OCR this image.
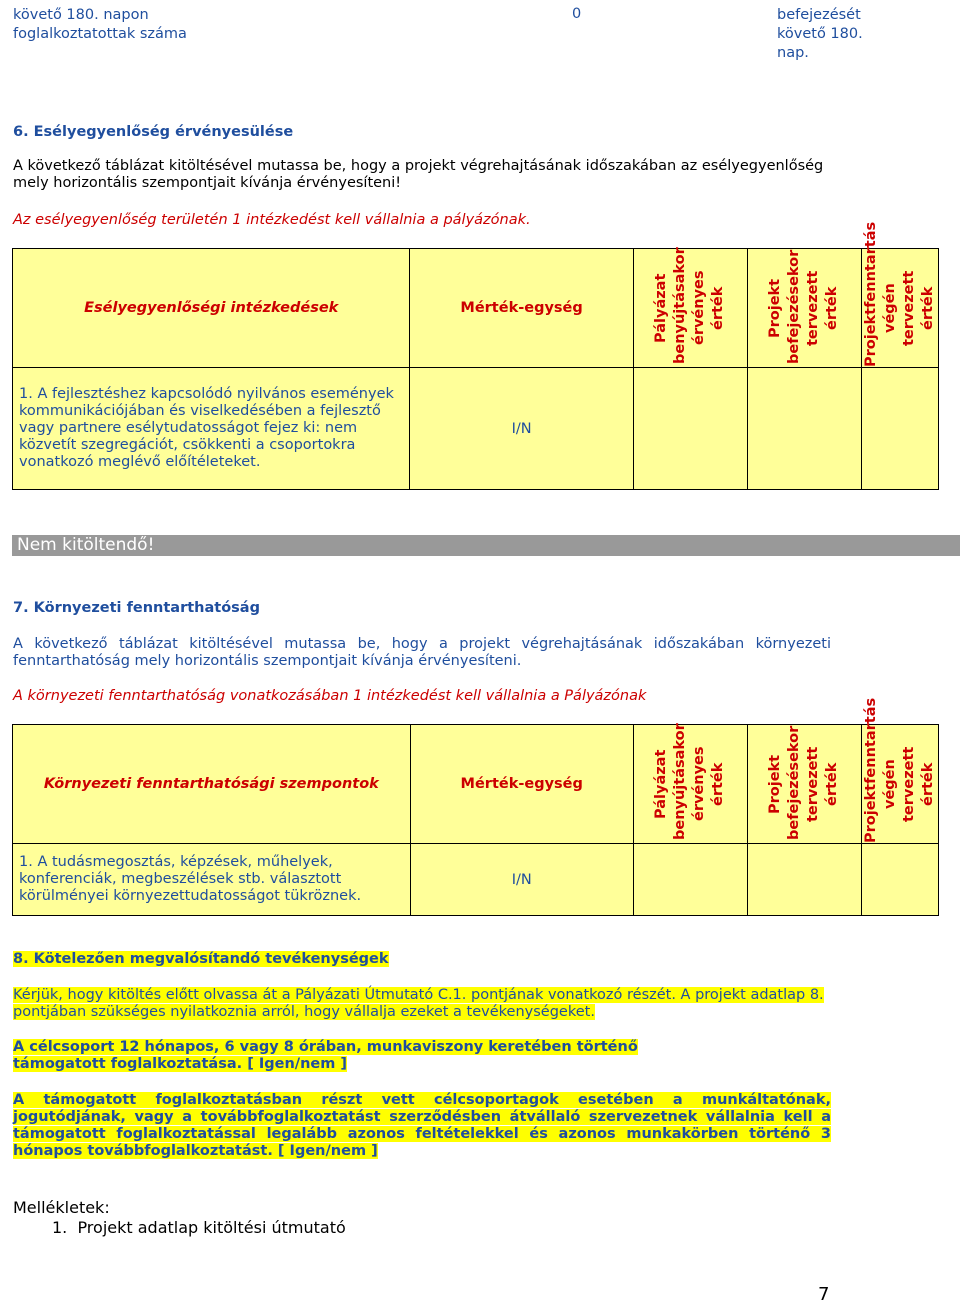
követő 180. napon foglalkoztatottak száma
0	befejezését követő 180. nap.
6. Esélyegyenlőség érvényesülése
A következő táblázat kitöltésével mutassa be, hogy a projekt végrehajtásának időszakában az esélyegyenlőség mely horizontális szempontjait kívánja érvényesíteni!
Az esélyegyenlőség területén 1 intézkedést kell vállalnia a pályázónak.
Esélyegyenlőségi intézkedések	Mérték-egység	Pályázat benyújtásakor érvényes érték	Projekt befejezésekor tervezett érték	Projektfenntartás végén tervezett érték

1. A fejlesztéshez kapcsolódó nyilvános események kommunikációjában és viselkedésében a fejlesztő vagy partnere esélytudatosságot fejez ki: nem közvetít szegregációt, csökkenti a csoportokra vonatkozó meglévő előítéleteket.	I/N			
Nem kitöltendő!
7. Környezeti fenntarthatóság
A következő táblázat kitöltésével mutassa be, hogy a projekt végrehajtásának időszakában környezeti fenntarthatóság mely horizontális szempontjait kívánja érvényesíteni.
A környezeti fenntarthatóság vonatkozásában 1 intézkedést kell vállalnia a Pályázónak
Környezeti fenntarthatósági szempontok	Mérték-egység	Pályázat benyújtásakor érvényes érték	Projekt befejezésekor tervezett érték	Projektfenntartás végén tervezett érték

1. A tudásmegosztás, képzések, műhelyek, konferenciák, megbeszélések stb. választott körülményei környezettudatosságot tükröznek.	I/N			
8. Kötelezően megvalósítandó tevékenységek
Kérjük, hogy kitöltés előtt olvassa át a Pályázati Útmutató C.1. pontjának vonatkozó részét. A projekt adatlap 8. pontjában szükséges nyilatkoznia arról, hogy vállalja ezeket a tevékenységeket.
A célcsoport 12 hónapos, 6 vagy 8 órában, munkaviszony keretében történő támogatott foglalkoztatása. [ Igen/nem ]
A támogatott foglalkoztatásban részt vett célcsoportagok esetében a munkáltatónak, jogutódjának, vagy a továbbfoglalkoztatást szerződésben átvállaló szervezetnek vállalnia kell a támogatott foglalkoztatással legalább azonos feltételekkel és azonos munkakörben történő 3 hónapos továbbfoglalkoztatást. [ Igen/nem ]
Mellékletek:
1.  Projekt adatlap kitöltési útmutató
7
